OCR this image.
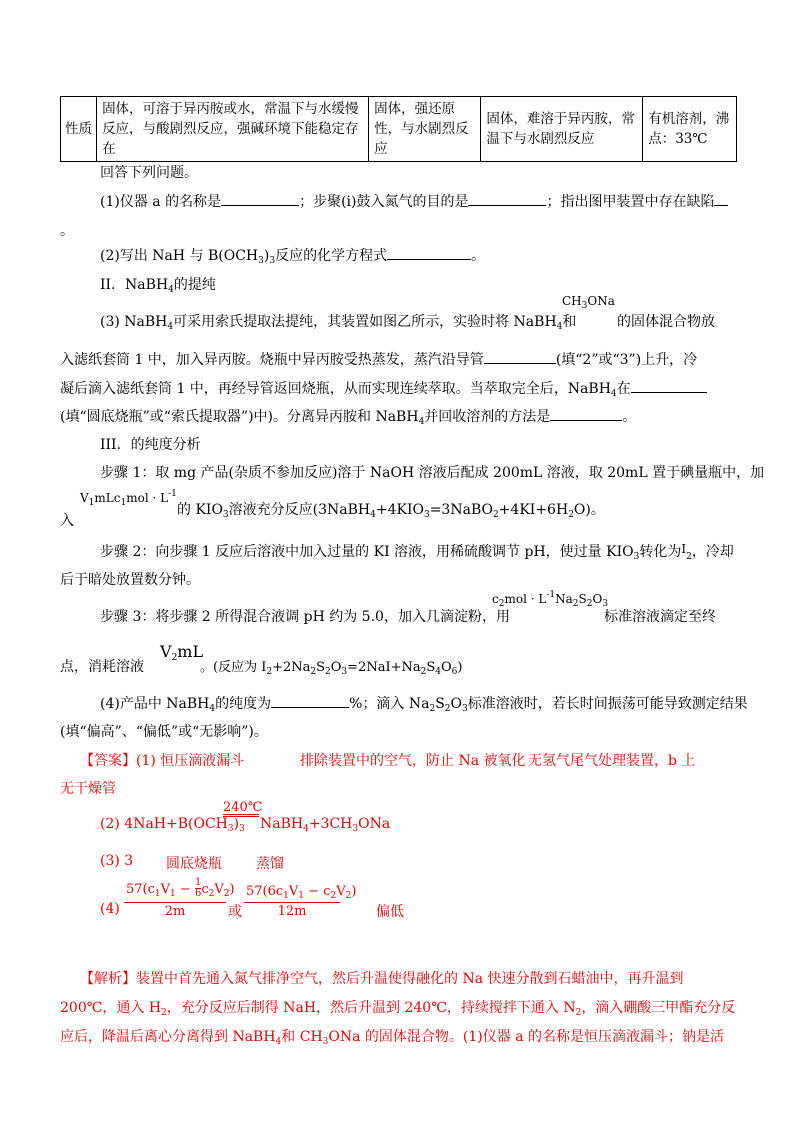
性质	固体，可溶于异丙胺或水，常温下与水缓慢反应，与酸剧烈反应，强碱环境下能稳定存在	固体，强还原性，与水剧烈反应	固体，难溶于异丙胺，常温下与水剧烈反应	有机溶剂，沸点：33℃
回答下列问题。
(1)仪器 a 的名称是	；步聚(i)鼓入氮气的目的是	；指出图甲装置中存在缺陷
。
(2)写出 NaH 与 $B(OCH_3)_3$反应的化学方程式	。
II．NaBH$_4$的提纯
$CH_3ONa$
(3) NaBH$_4$可采用索氏提取法提纯，其装置如图乙所示，实验时将 NaBH$_4$和	的固体混合物放
入滤纸套筒 1 中，加入异丙胺。烧瓶中异丙胺受热蒸发，蒸汽沿导管	(填“2”或“3”)上升，冷
凝后滴入滤纸套筒 1 中，再经导管返回烧瓶，从而实现连续萃取。当萃取完全后，NaBH$_4$在
(填“圆底烧瓶”或“索氏提取器”)中)。分离异丙胺和 NaBH$_4$并回收溶剂的方法是	。
III．的纯度分析
步骤 1：取 mg 产品(杂质不参加反应)溶于 NaOH 溶液后配成 200mL 溶液，取 20mL 置于碘量瓶中，加
$V_1mLc_1mol \cdot L^{-1}$
入
的 $KIO_3$溶液充分反应$(3NaBH_4+4KIO_3=3NaBO_2+4KI+6H_2O)$。
步骤 2：向步骤 1 反应后溶液中加入过量的 KI 溶液，用稀硫酸调节 pH，使过量 $KIO_3$转化为$I_2$，冷却
后于暗处放置数分钟。
$c_2mol \cdot L^{-1}Na_2S_2O_3$
步骤 3：将步骤 2 所得混合液调 pH 约为 5.0，加入几滴淀粉，用	标准溶液滴定至终
点，消耗溶液
$V_2mL$
。(反应为 $I_2+2Na_2S_2O_3=2NaI+Na_2S_4O_6$)
(4)产品中 NaBH$_4$的纯度为	%；滴入 $Na_2S_2O_3$标准溶液时，若长时间振荡可能导致测定结果
(填“偏高”、“偏低”或“无影响”)。
【答案】(1) 恒压滴液漏斗	排除装置中的空气，防止 Na 被氧化 无氢气尾气处理装置，b 上
无干燥管
(2) $4NaH+B(OCH_3)_3$
240℃
$NaBH_4+3CH_3ONa$
(3) 3 圆底烧瓶 蒸馏
$(4) \frac{57(c_1V_1 - \frac{1}{6} c_2V_2)}{2m}$ 或 $\frac{57(6c_1V_1 - c_2V_2)}{12m}$	偏低
【解析】装置中首先通入氮气排净空气，然后升温使得融化的 Na 快速分散到石蜡油中，再升温到
200℃，通入 $H_2$，充分反应后制得 NaH，然后升温到 240℃，持续搅拌下通入 $N_2$，滴入硼酸三甲酯充分反
应后，降温后离心分离得到 NaBH$_4$和 $CH_3ONa$ 的固体混合物。(1)仪器 a 的名称是恒压滴液漏斗；钠是活
